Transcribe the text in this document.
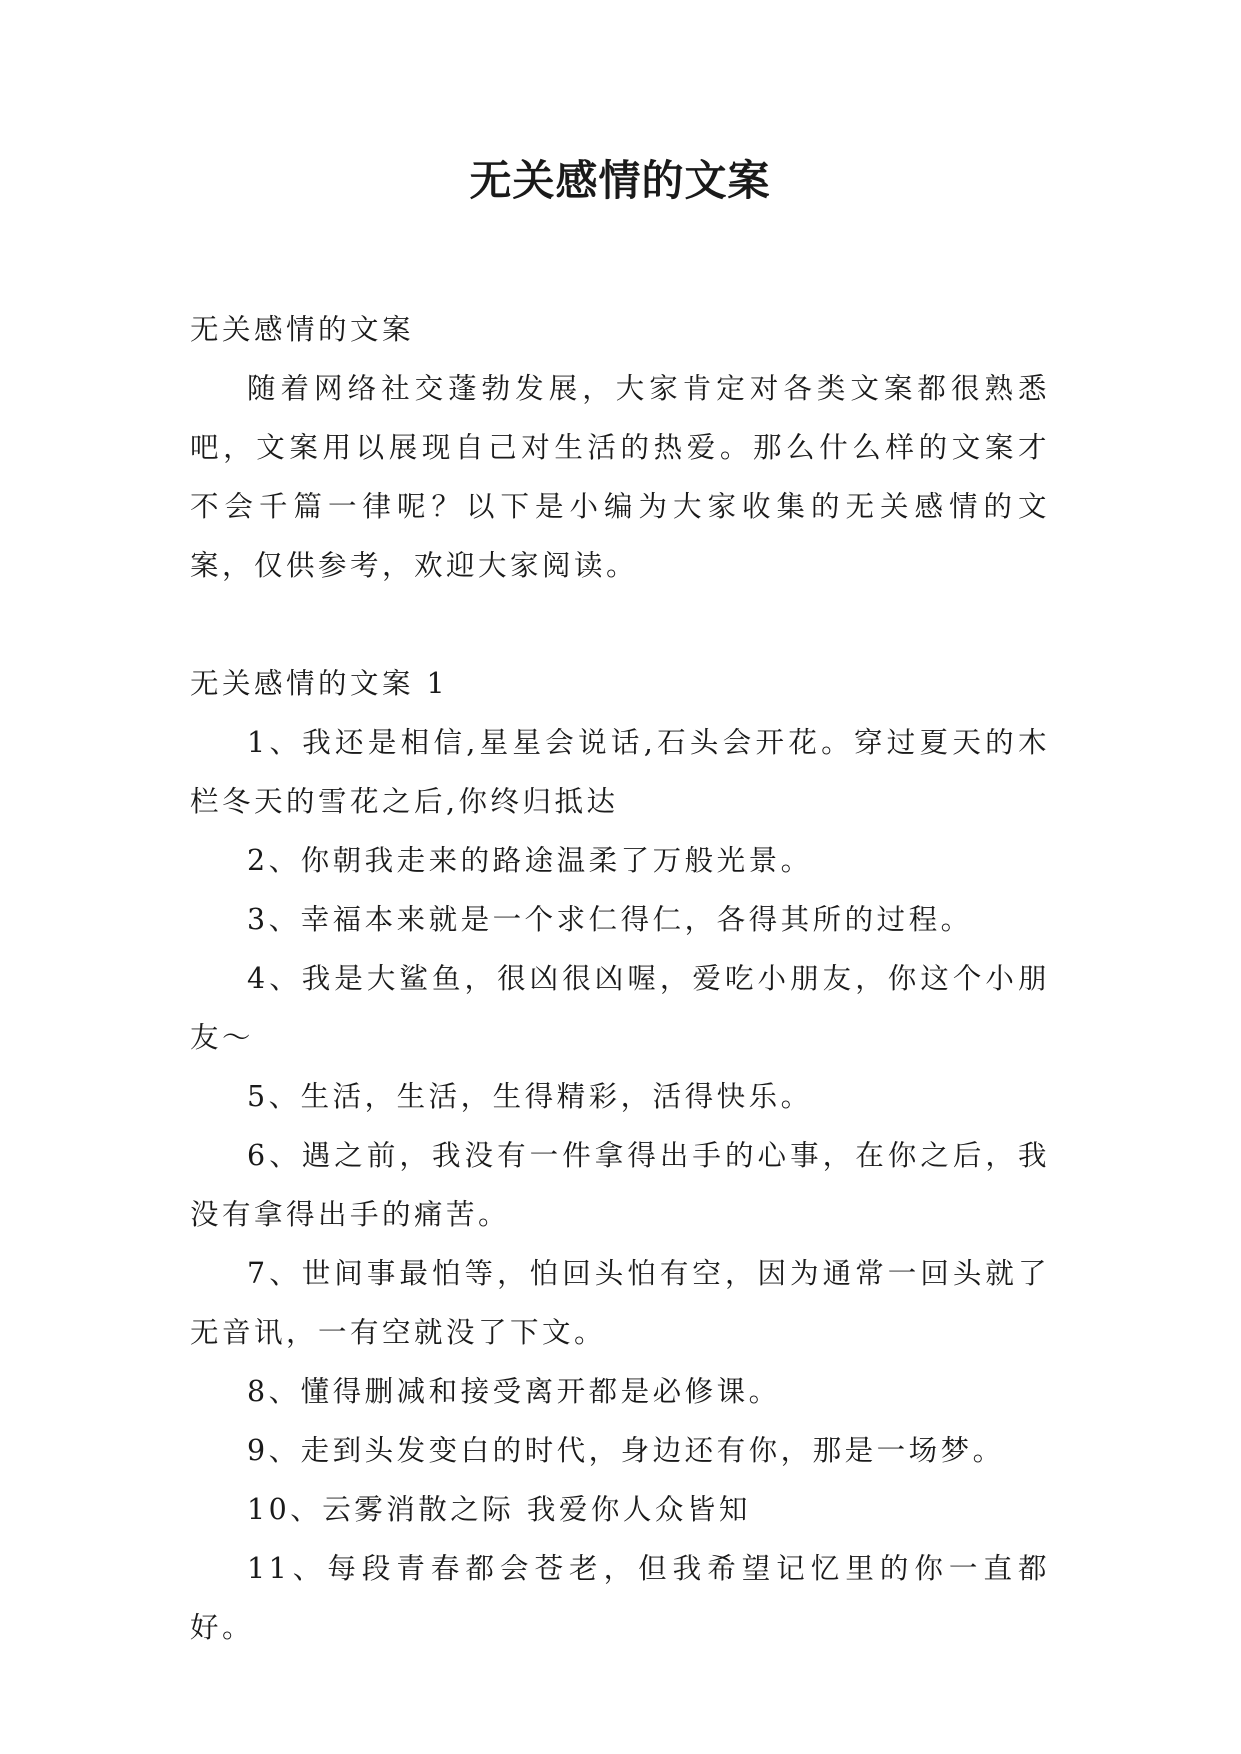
无关感情的文案

无关感情的文案

随着网络社交蓬勃发展，大家肯定对各类文案都很熟悉吧，文案用以展现自己对生活的热爱。那么什么样的文案才不会千篇一律呢？以下是小编为大家收集的无关感情的文案，仅供参考，欢迎大家阅读。

无关感情的文案 1

1、我还是相信,星星会说话,石头会开花。穿过夏天的木栏冬天的雪花之后,你终归抵达

2、你朝我走来的路途温柔了万般光景。

3、幸福本来就是一个求仁得仁，各得其所的过程。

4、我是大鲨鱼，很凶很凶喔，爱吃小朋友，你这个小朋友～

5、生活，生活，生得精彩，活得快乐。

6、遇之前，我没有一件拿得出手的心事，在你之后，我没有拿得出手的痛苦。

7、世间事最怕等，怕回头怕有空，因为通常一回头就了无音讯，一有空就没了下文。

8、懂得删减和接受离开都是必修课。

9、走到头发变白的时代，身边还有你，那是一场梦。

10、云雾消散之际 我爱你人众皆知

11、每段青春都会苍老，但我希望记忆里的你一直都好。
